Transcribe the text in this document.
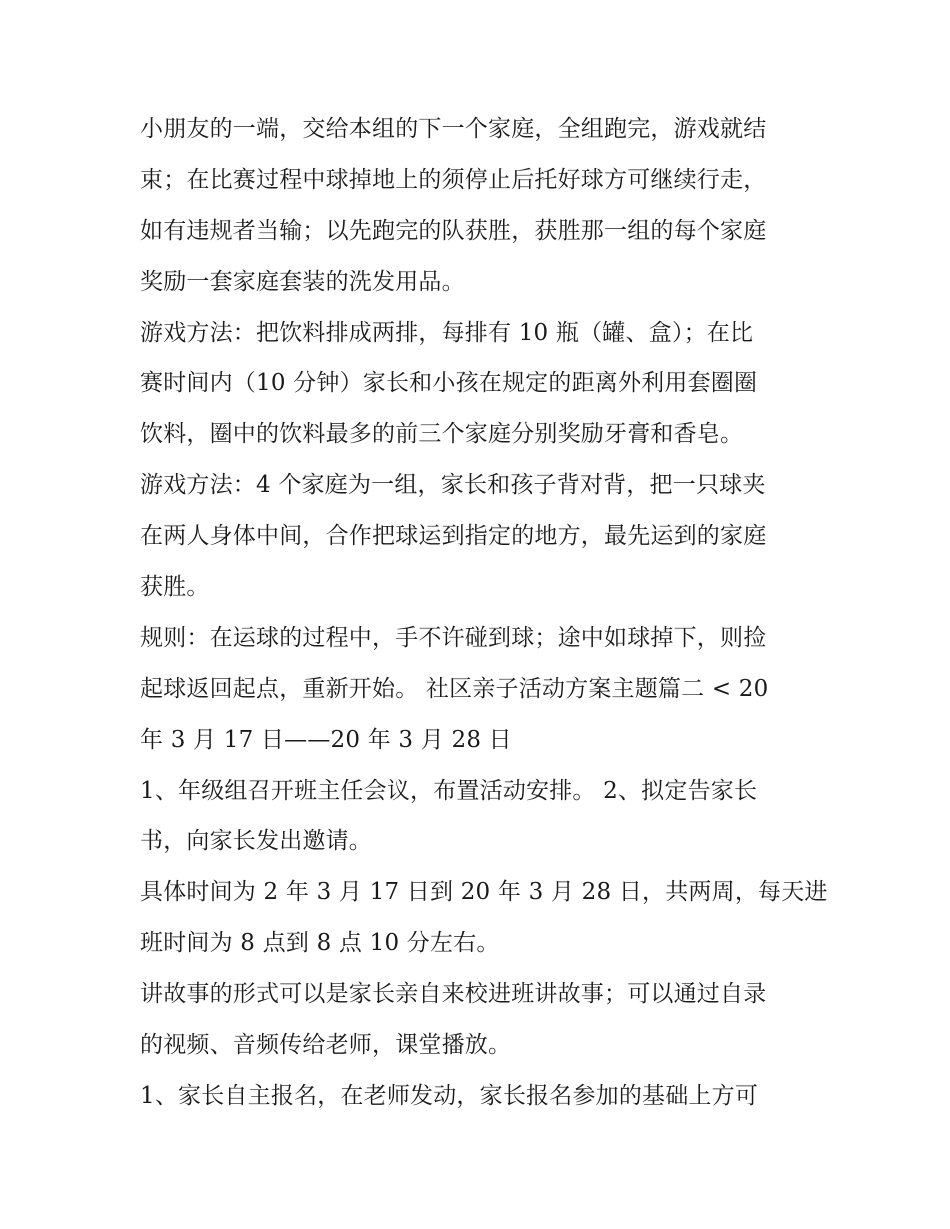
小朋友的一端，交给本组的下一个家庭，全组跑完，游戏就结
束；在比赛过程中球掉地上的须停止后托好球方可继续行走，
如有违规者当输；以先跑完的队获胜，获胜那一组的每个家庭
奖励一套家庭套装的洗发用品。

游戏方法：把饮料排成两排，每排有 10 瓶（罐、盒）；在比
赛时间内（10 分钟）家长和小孩在规定的距离外利用套圈圈
饮料，圈中的饮料最多的前三个家庭分别奖励牙膏和香皂。

游戏方法：4 个家庭为一组，家长和孩子背对背，把一只球夹
在两人身体中间，合作把球运到指定的地方，最先运到的家庭
获胜。

规则：在运球的过程中，手不许碰到球；途中如球掉下，则捡
起球返回起点，重新开始。 社区亲子活动方案主题篇二 < 20
年 3 月 17 日——20 年 3 月 28 日

1、年级组召开班主任会议，布置活动安排。 2、拟定告家长
书，向家长发出邀请。

具体时间为 2 年 3 月 17 日到 20 年 3 月 28 日，共两周，每天进
班时间为 8 点到 8 点 10 分左右。

讲故事的形式可以是家长亲自来校进班讲故事；可以通过自录
的视频、音频传给老师，课堂播放。

1、家长自主报名，在老师发动，家长报名参加的基础上方可
